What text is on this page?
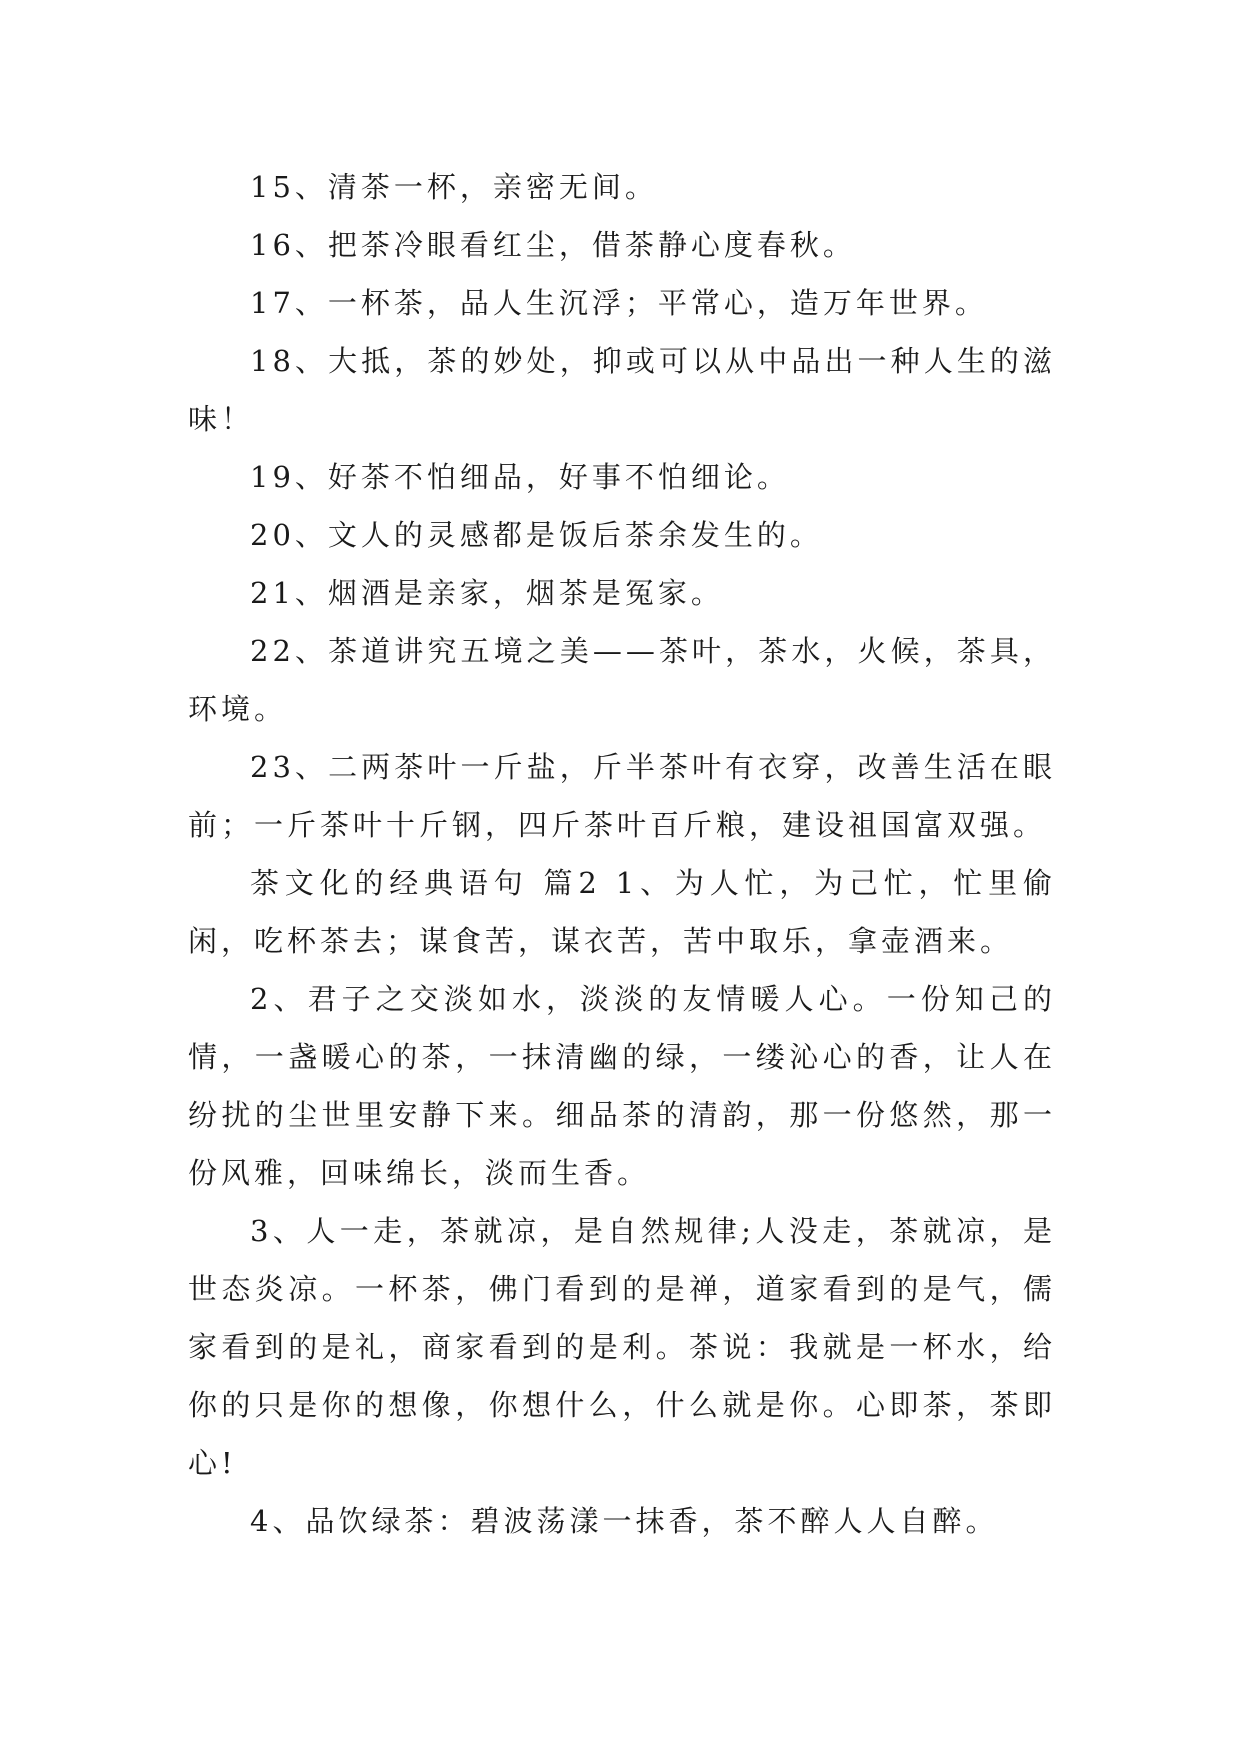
15、清茶一杯，亲密无间。

16、把茶冷眼看红尘，借茶静心度春秋。

17、一杯茶，品人生沉浮；平常心，造万年世界。

18、大抵，茶的妙处，抑或可以从中品出一种人生的滋味！

19、好茶不怕细品，好事不怕细论。

20、文人的灵感都是饭后茶余发生的。

21、烟酒是亲家，烟茶是冤家。

22、茶道讲究五境之美——茶叶，茶水，火候，茶具，环境。

23、二两茶叶一斤盐，斤半茶叶有衣穿，改善生活在眼前；一斤茶叶十斤钢，四斤茶叶百斤粮，建设祖国富双强。

茶文化的经典语句 篇2 1、为人忙，为己忙，忙里偷闲，吃杯茶去；谋食苦，谋衣苦，苦中取乐，拿壶酒来。

2、君子之交淡如水，淡淡的友情暖人心。一份知己的情，一盏暖心的茶，一抹清幽的绿，一缕沁心的香，让人在纷扰的尘世里安静下来。细品茶的清韵，那一份悠然，那一份风雅，回味绵长，淡而生香。

3、人一走，茶就凉，是自然规律;人没走，茶就凉，是世态炎凉。一杯茶，佛门看到的是禅，道家看到的是气，儒家看到的是礼，商家看到的是利。茶说：我就是一杯水，给你的只是你的想像，你想什么，什么就是你。心即茶，茶即心!

4、品饮绿茶：碧波荡漾一抹香，茶不醉人人自醉。
